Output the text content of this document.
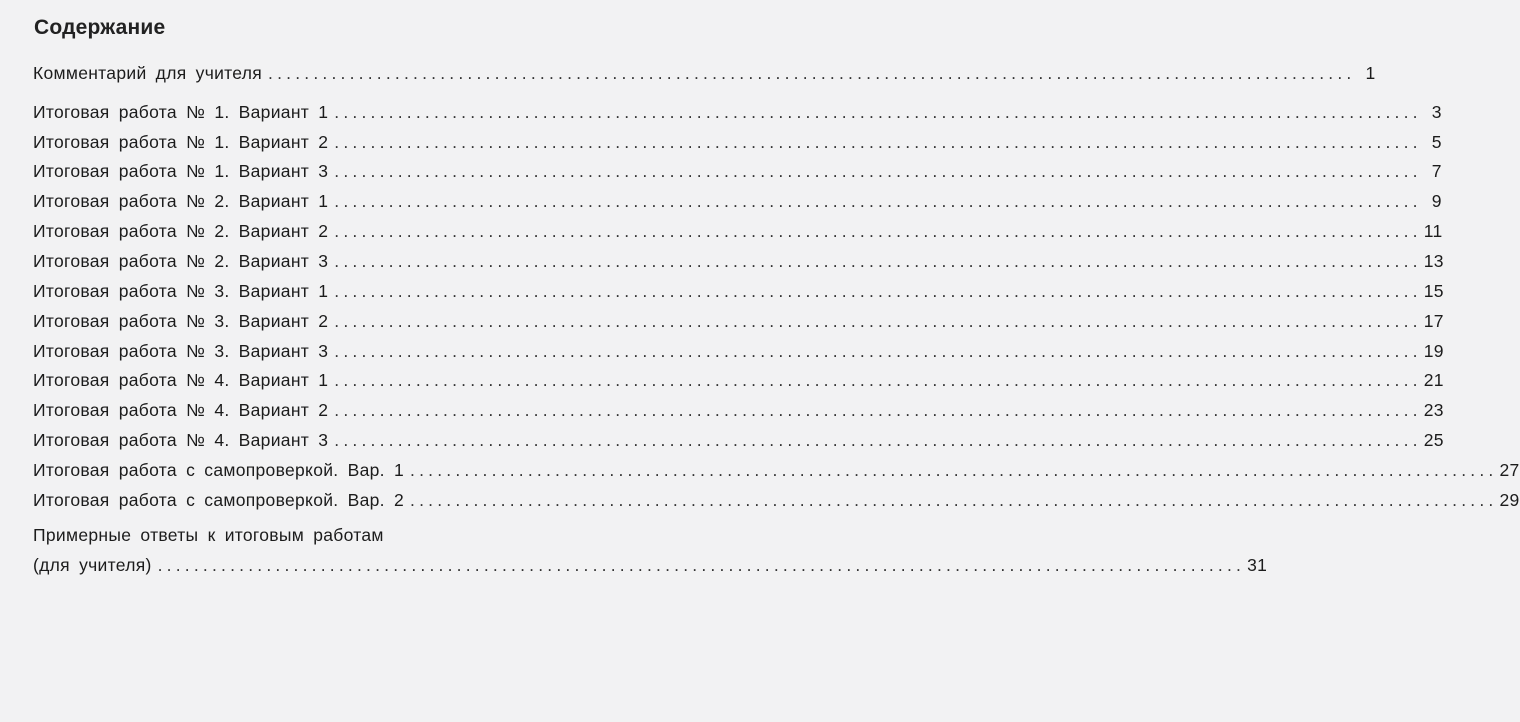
Содержание
Комментарий для учителя ........................................................................................................................ 1
Итоговая работа № 1. Вариант 1 ........................................................................................................................ 3
Итоговая работа № 1. Вариант 2 ........................................................................................................................ 5
Итоговая работа № 1. Вариант 3 ........................................................................................................................ 7
Итоговая работа № 2. Вариант 1 ........................................................................................................................ 9
Итоговая работа № 2. Вариант 2 ........................................................................................................................ 11
Итоговая работа № 2. Вариант 3 ........................................................................................................................ 13
Итоговая работа № 3. Вариант 1 ........................................................................................................................ 15
Итоговая работа № 3. Вариант 2 ........................................................................................................................ 17
Итоговая работа № 3. Вариант 3 ........................................................................................................................ 19
Итоговая работа № 4. Вариант 1 ........................................................................................................................ 21
Итоговая работа № 4. Вариант 2 ........................................................................................................................ 23
Итоговая работа № 4. Вариант 3 ........................................................................................................................ 25
Итоговая работа с самопроверкой. Вар. 1 ........................................................................................................................ 27
Итоговая работа с самопроверкой. Вар. 2 ........................................................................................................................ 29
Примерные ответы к итоговым работам
(для учителя) ........................................................................................................................ 31
